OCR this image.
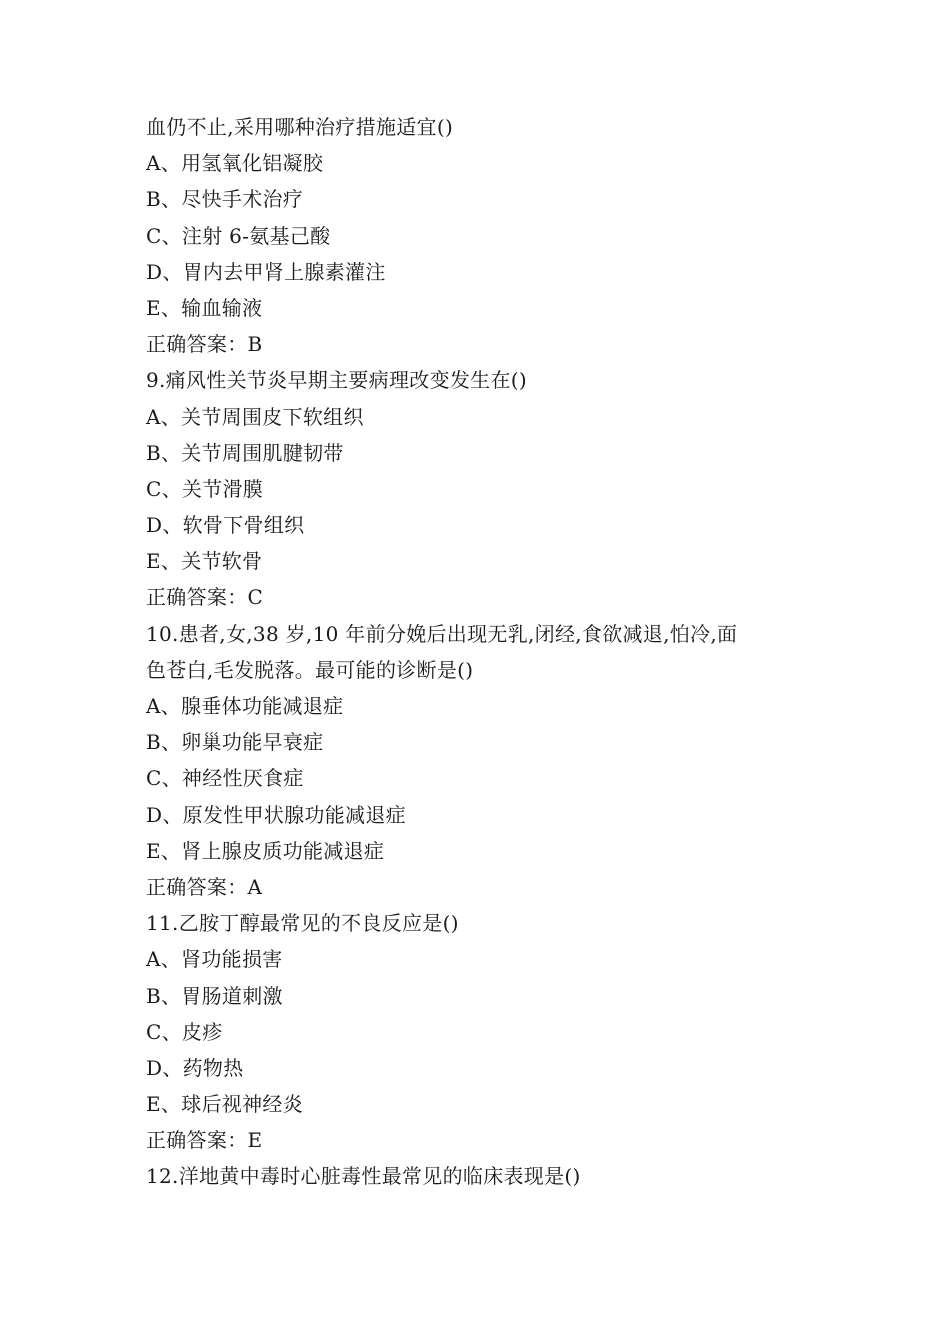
血仍不止,采用哪种治疗措施适宜()
A、用氢氧化铝凝胶
B、尽快手术治疗
C、注射 6-氨基己酸
D、胃内去甲肾上腺素灌注
E、输血输液
正确答案：B
9.痛风性关节炎早期主要病理改变发生在()
A、关节周围皮下软组织
B、关节周围肌腱韧带
C、关节滑膜
D、软骨下骨组织
E、关节软骨
正确答案：C
10.患者,女,38 岁,10 年前分娩后出现无乳,闭经,食欲减退,怕冷,面
色苍白,毛发脱落。最可能的诊断是()
A、腺垂体功能减退症
B、卵巢功能早衰症
C、神经性厌食症
D、原发性甲状腺功能减退症
E、肾上腺皮质功能减退症
正确答案：A
11.乙胺丁醇最常见的不良反应是()
A、肾功能损害
B、胃肠道刺激
C、皮疹
D、药物热
E、球后视神经炎
正确答案：E
12.洋地黄中毒时心脏毒性最常见的临床表现是()
